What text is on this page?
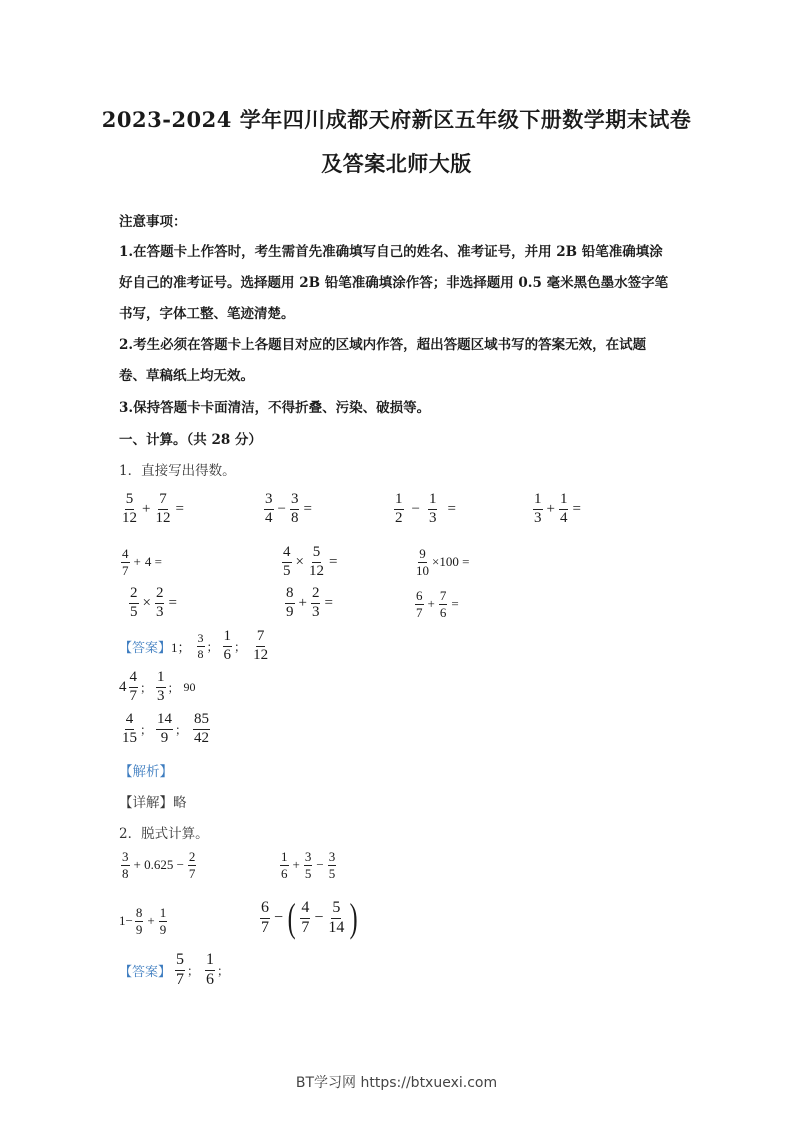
2023-2024 学年四川成都天府新区五年级下册数学期末试卷
及答案北师大版
注意事项：
1.在答题卡上作答时，考生需首先准确填写自己的姓名、准考证号，并用 2B 铅笔准确填涂
好自己的准考证号。选择题用 2B 铅笔准确填涂作答；非选择题用 0.5 毫米黑色墨水签字笔
书写，字体工整、笔迹清楚。
2.考生必须在答题卡上各题目对应的区域内作答，超出答题区域书写的答案无效，在试题
卷、草稿纸上均无效。
3.保持答题卡卡面清洁，不得折叠、污染、破损等。
一、计算。（共 28 分）
1．直接写出得数。
$\frac{5}{12} + \frac{7}{12}$ =	$\frac{3}{4} - \frac{3}{8}$ =	$\frac{1}{2} - \frac{1}{3}$ =	$\frac{1}{3} + \frac{1}{4}$ =
$\frac{4}{7} + 4$ =	$\frac{4}{5} \times \frac{5}{12}$ =	$\frac{9}{10} \times 100$ =
$\frac{2}{5} \times \frac{2}{3}$ =	$\frac{8}{9} + \frac{2}{3}$ =	$\frac{6}{7} + \frac{7}{6}$ =
【答案】 1； $\frac{3}{8}$ ； $\frac{1}{6}$ ； $\frac{7}{12}$
$4 \frac{4}{7}$ ； $\frac{1}{3}$ ； 90
$\frac{4}{15}$ ； $\frac{14}{9}$ ； $\frac{85}{42}$
【解析】
【详解】略
2．脱式计算。
$\frac{3}{8} + 0.625 - \frac{2}{7}$	$\frac{1}{6} + \frac{3}{5} - \frac{3}{5}$
$1- \frac{8}{9} + \frac{1}{9}$	$\frac{6}{7}$ − ( $\frac{4}{7} - \frac{5}{14}$ )
【答案】 $\frac{5}{7}$ ； $\frac{1}{6}$ ；
BT学习网 https://btxuexi.com
